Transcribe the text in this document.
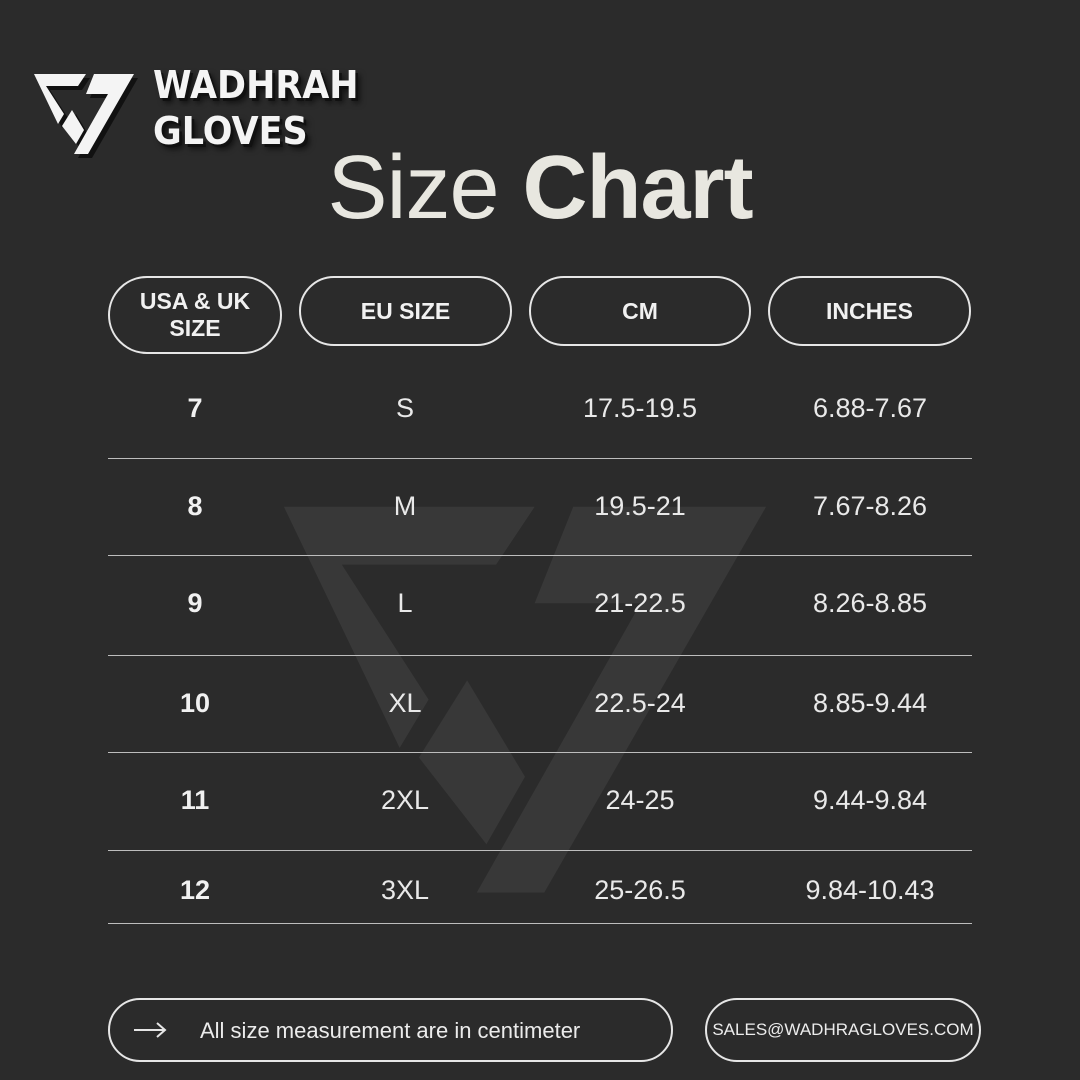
WADHRAH
GLOVES
Size Chart
USA & UK
SIZE
EU SIZE	CM	INCHES
7	S	17.5-19.5	6.88-7.67
8	M	19.5-21	7.67-8.26
9	L	21-22.5	8.26-8.85
10	XL	22.5-24	8.85-9.44
11	2XL	24-25	9.44-9.84
12	3XL	25-26.5	9.84-10.43
All size measurement are in centimeter	SALES@WADHRAGLOVES.COM
